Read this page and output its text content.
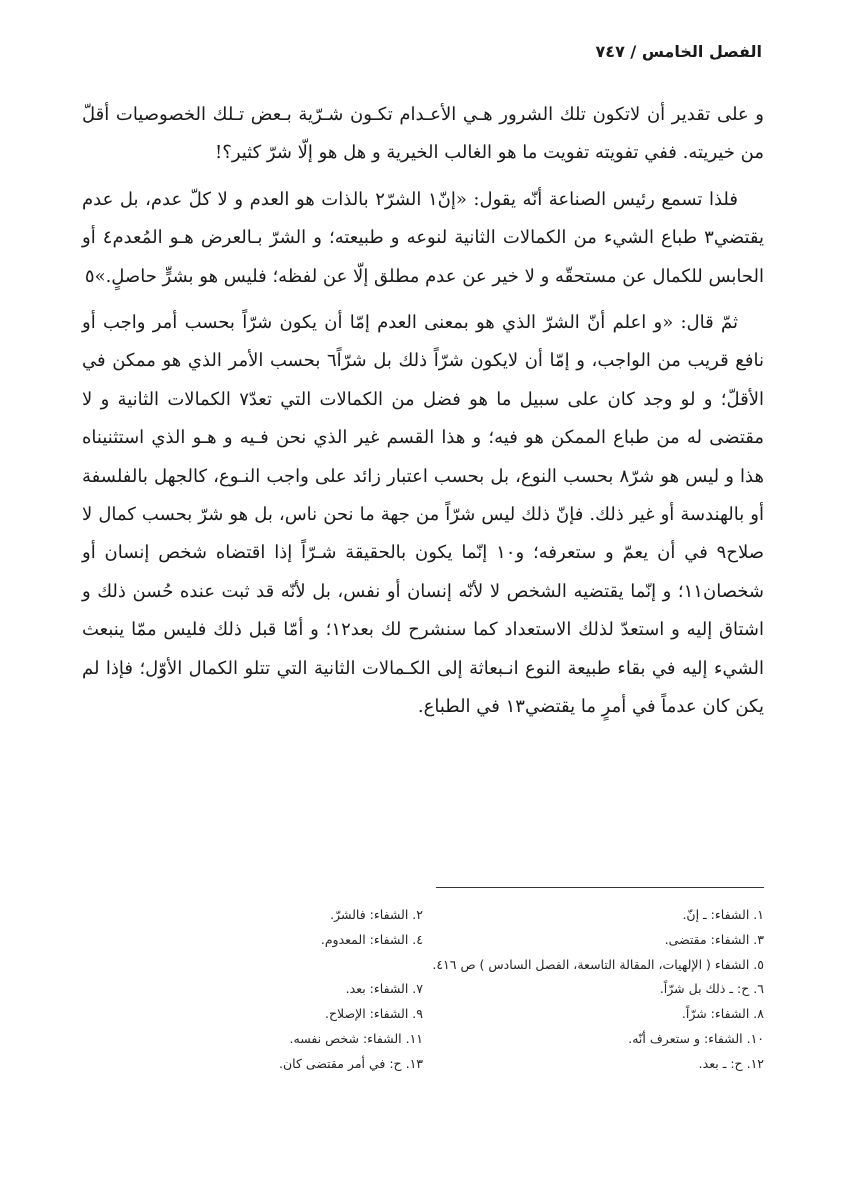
الفصل الخامس / ٧٤٧

و على تقدير أن لاتكون تلك الشرور هـي الأعـدام تكـون شـرّية بـعض تـلك الخصوصيات أقلّ من خيريته. ففي تفويته تفويت ما هو الغالب الخيرية و هل هو إلّا شرّ كثير؟!

فلذا تسمع رئيس الصناعة أنّه يقول: «إنّ١ الشرّ٢ بالذات هو العدم و لا كلّ عدم، بل عدم يقتضي٣ طباع الشيء من الكمالات الثانية لنوعه و طبيعته؛ و الشرّ بـالعرض هـو المُعدم٤ أو الحابس للكمال عن مستحقّه و لا خير عن عدم مطلق إلّا عن لفظه؛ فليس هو بشرٍّ حاصلٍ.»٥

ثمّ قال: «و اعلم أنّ الشرّ الذي هو بمعنى العدم إمّا أن يكون شرّاً بحسب أمر واجب أو نافع قريب من الواجب، و إمّا أن لايكون شرّاً ذلك بل شرّاً٦ بحسب الأمر الذي هو ممكن في الأقلّ؛ و لو وجد كان على سبيل ما هو فضل من الكمالات التي تعدّ٧ الكمالات الثانية و لا مقتضى له من طباع الممكن هو فيه؛ و هذا القسم غير الذي نحن فـيه و هـو الذي استثنيناه هذا و ليس هو شرّ٨ بحسب النوع، بل بحسب اعتبار زائد على واجب النـوع، كالجهل بالفلسفة أو بالهندسة أو غير ذلك. فإنّ ذلك ليس شرّاً من جهة ما نحن ناس، بل هو شرّ بحسب كمال لا صلاح٩ في أن يعمّ و ستعرفه؛ و١٠ إنّما يكون بالحقيقة شـرّاً إذا اقتضاه شخص إنسان أو شخصان١١؛ و إنّما يقتضيه الشخص لا لأنّه إنسان أو نفس، بل لأنّه قد ثبت عنده حُسن ذلك و اشتاق إليه و استعدّ لذلك الاستعداد كما سنشرح لك بعد١٢؛ و أمّا قبل ذلك فليس ممّا ينبعث الشيء إليه في بقاء طبيعة النوع انـبعاثة إلى الكـمالات الثانية التي تتلو الكمال الأوّل؛ فإذا لم يكن كان عدماً في أمرٍ ما يقتضي١٣ في الطباع.

١. الشفاء: ـ إنّ.
٢. الشفاء: فالشرّ.
٣. الشفاء: مقتضى.
٤. الشفاء: المعدوم.
٥. الشفاء ( الإلهيات، المقالة التاسعة، الفصل السادس ) ص ٤١٦.
٦. ح: ـ ذلك بل شرّاً.
٧. الشفاء: بعد.
٨. الشفاء: شرّاً.
٩. الشفاء: الإصلاح.
١٠. الشفاء: و ستعرف أنّه.
١١. الشفاء: شخص نفسه.
١٢. ح: ـ بعد.
١٣. ح: في أمر مقتضى كان.
